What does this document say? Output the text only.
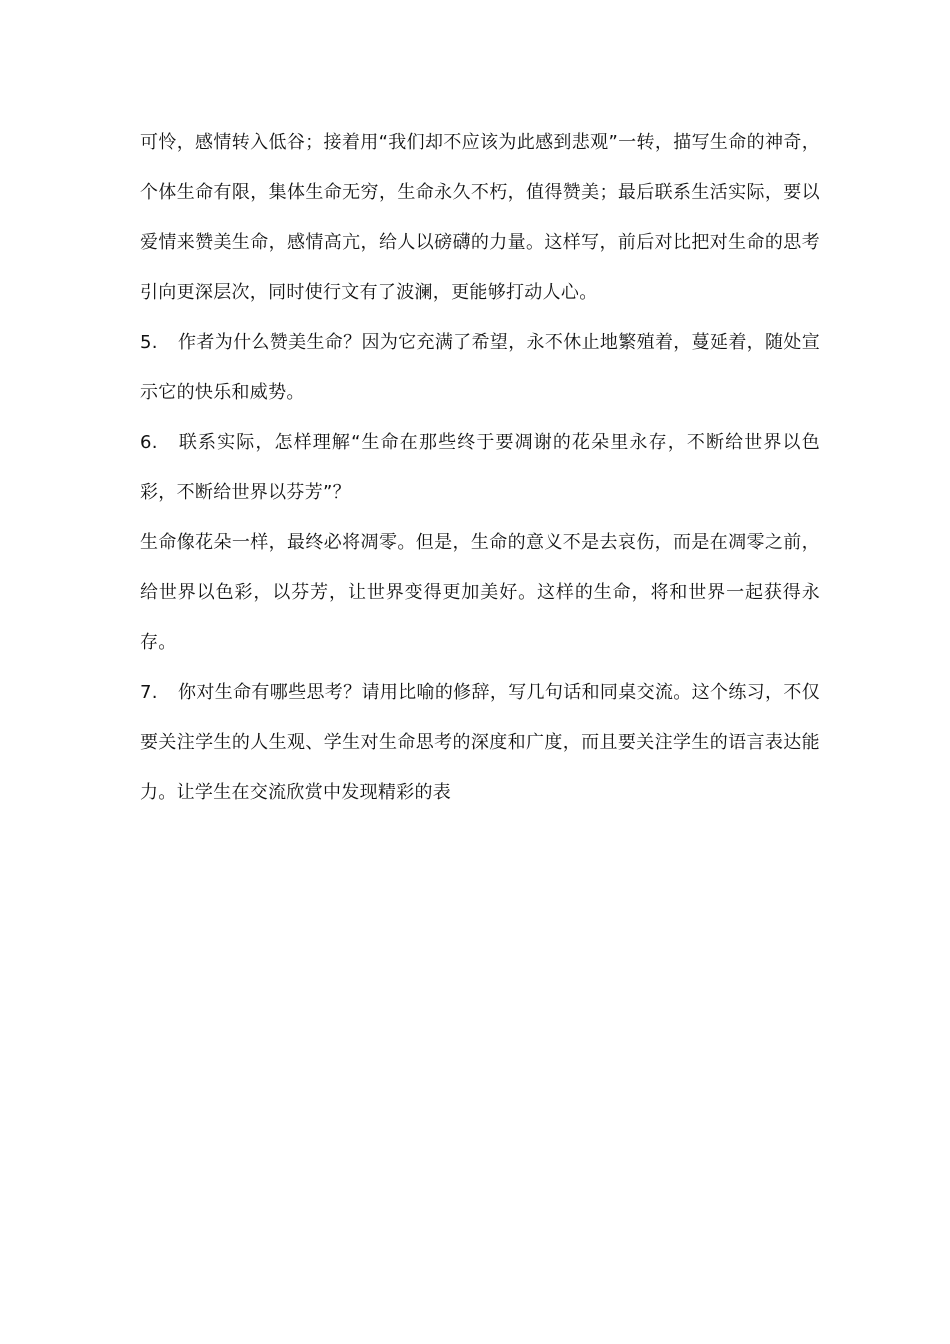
可怜，感情转入低谷；接着用“我们却不应该为此感到悲观”一转，描写生命的神奇，个体生命有限，集体生命无穷，生命永久不朽，值得赞美；最后联系生活实际，要以爱情来赞美生命，感情高亢，给人以磅礴的力量。这样写，前后对比把对生命的思考引向更深层次，同时使行文有了波澜，更能够打动人心。

5. 作者为什么赞美生命？因为它充满了希望，永不休止地繁殖着，蔓延着，随处宣示它的快乐和威势。

6. 联系实际，怎样理解“生命在那些终于要凋谢的花朵里永存，不断给世界以色彩，不断给世界以芬芳”？

生命像花朵一样，最终必将凋零。但是，生命的意义不是去哀伤，而是在凋零之前，给世界以色彩，以芬芳，让世界变得更加美好。这样的生命，将和世界一起获得永存。

7. 你对生命有哪些思考？请用比喻的修辞，写几句话和同桌交流。这个练习，不仅要关注学生的人生观、学生对生命思考的深度和广度，而且要关注学生的语言表达能力。让学生在交流欣赏中发现精彩的表
